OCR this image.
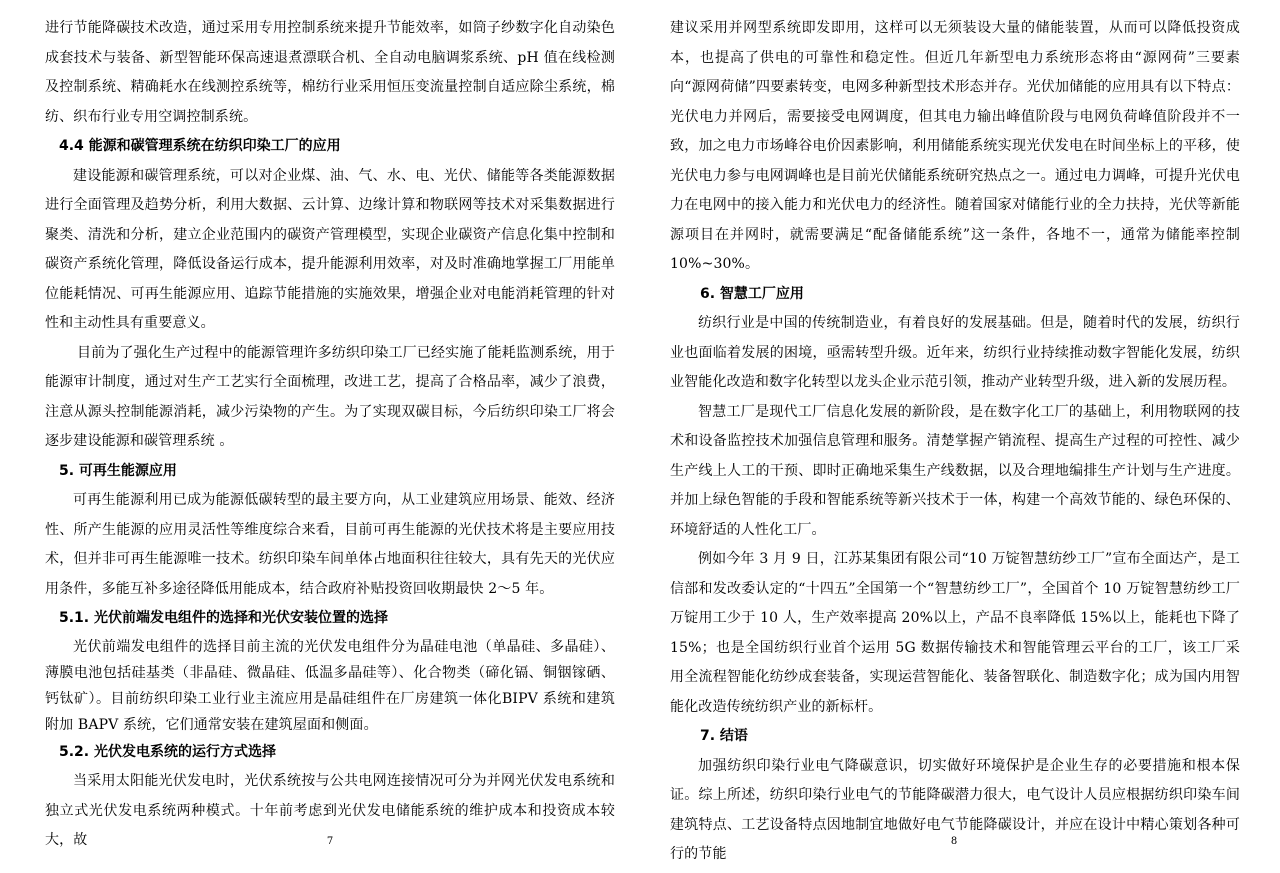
进行节能降碳技术改造，通过采用专用控制系统来提升节能效率，如筒子纱数字化自动染色成套技术与装备、新型智能环保高速退煮漂联合机、全自动电脑调浆系统、pH 值在线检测及控制系统、精确耗水在线测控系统等，棉纺行业采用恒压变流量控制自适应除尘系统，棉纺、织布行业专用空调控制系统。

4.4 能源和碳管理系统在纺织印染工厂的应用

建设能源和碳管理系统，可以对企业煤、油、气、水、电、光伏、储能等各类能源数据进行全面管理及趋势分析，利用大数据、云计算、边缘计算和物联网等技术对采集数据进行聚类、清洗和分析，建立企业范围内的碳资产管理模型，实现企业碳资产信息化集中控制和碳资产系统化管理，降低设备运行成本，提升能源利用效率，对及时准确地掌握工厂用能单位能耗情况、可再生能源应用、追踪节能措施的实施效果，增强企业对电能消耗管理的针对性和主动性具有重要意义。

目前为了强化生产过程中的能源管理许多纺织印染工厂已经实施了能耗监测系统，用于能源审计制度，通过对生产工艺实行全面梳理，改进工艺，提高了合格品率，减少了浪费，注意从源头控制能源消耗，减少污染物的产生。为了实现双碳目标，今后纺织印染工厂将会逐步建设能源和碳管理系统 。

5. 可再生能源应用

可再生能源利用已成为能源低碳转型的最主要方向，从工业建筑应用场景、能效、经济性、所产生能源的应用灵活性等维度综合来看，目前可再生能源的光伏技术将是主要应用技术，但并非可再生能源唯一技术。纺织印染车间单体占地面积往往较大，具有先天的光伏应用条件，多能互补多途径降低用能成本，结合政府补贴投资回收期最快 2～5 年。

5.1. 光伏前端发电组件的选择和光伏安装位置的选择

光伏前端发电组件的选择目前主流的光伏发电组件分为晶硅电池（单晶硅、多晶硅）、薄膜电池包括硅基类（非晶硅、微晶硅、低温多晶硅等）、化合物类（碲化镉、铜铟镓硒、钙钛矿）。目前纺织印染工业行业主流应用是晶硅组件在厂房建筑一体化BIPV 系统和建筑附加 BAPV 系统，它们通常安装在建筑屋面和侧面。

5.2. 光伏发电系统的运行方式选择

当采用太阳能光伏发电时，光伏系统按与公共电网连接情况可分为并网光伏发电系统和独立式光伏发电系统两种模式。十年前考虑到光伏发电储能系统的维护成本和投资成本较大，故

建议采用并网型系统即发即用，这样可以无须装设大量的储能装置，从而可以降低投资成本，也提高了供电的可靠性和稳定性。但近几年新型电力系统形态将由“源网荷”三要素向“源网荷储”四要素转变，电网多种新型技术形态并存。光伏加储能的应用具有以下特点：光伏电力并网后，需要接受电网调度，但其电力输出峰值阶段与电网负荷峰值阶段并不一致，加之电力市场峰谷电价因素影响，利用储能系统实现光伏发电在时间坐标上的平移，使光伏电力参与电网调峰也是目前光伏储能系统研究热点之一。通过电力调峰，可提升光伏电力在电网中的接入能力和光伏电力的经济性。随着国家对储能行业的全力扶持，光伏等新能源项目在并网时，就需要满足“配备储能系统”这一条件，各地不一，通常为储能率控制 10%~30%。

6. 智慧工厂应用

纺织行业是中国的传统制造业，有着良好的发展基础。但是，随着时代的发展，纺织行业也面临着发展的困境，亟需转型升级。近年来，纺织行业持续推动数字智能化发展，纺织业智能化改造和数字化转型以龙头企业示范引领，推动产业转型升级，进入新的发展历程。

智慧工厂是现代工厂信息化发展的新阶段，是在数字化工厂的基础上，利用物联网的技术和设备监控技术加强信息管理和服务。清楚掌握产销流程、提高生产过程的可控性、减少生产线上人工的干预、即时正确地采集生产线数据，以及合理地编排生产计划与生产进度。并加上绿色智能的手段和智能系统等新兴技术于一体，构建一个高效节能的、绿色环保的、环境舒适的人性化工厂。

例如今年 3 月 9 日，江苏某集团有限公司“10 万锭智慧纺纱工厂”宣布全面达产，是工信部和发改委认定的“十四五”全国第一个“智慧纺纱工厂”，全国首个 10 万锭智慧纺纱工厂万锭用工少于 10 人，生产效率提高 20%以上，产品不良率降低 15%以上，能耗也下降了 15%；也是全国纺织行业首个运用 5G 数据传输技术和智能管理云平台的工厂，该工厂采用全流程智能化纺纱成套装备，实现运营智能化、装备智联化、制造数字化；成为国内用智能化改造传统纺织产业的新标杆。

7. 结语

加强纺织印染行业电气降碳意识，切实做好环境保护是企业生存的必要措施和根本保证。综上所述，纺织印染行业电气的节能降碳潜力很大，电气设计人员应根据纺织印染车间建筑特点、工艺设备特点因地制宜地做好电气节能降碳设计，并应在设计中精心策划各种可行的节能

7	8
